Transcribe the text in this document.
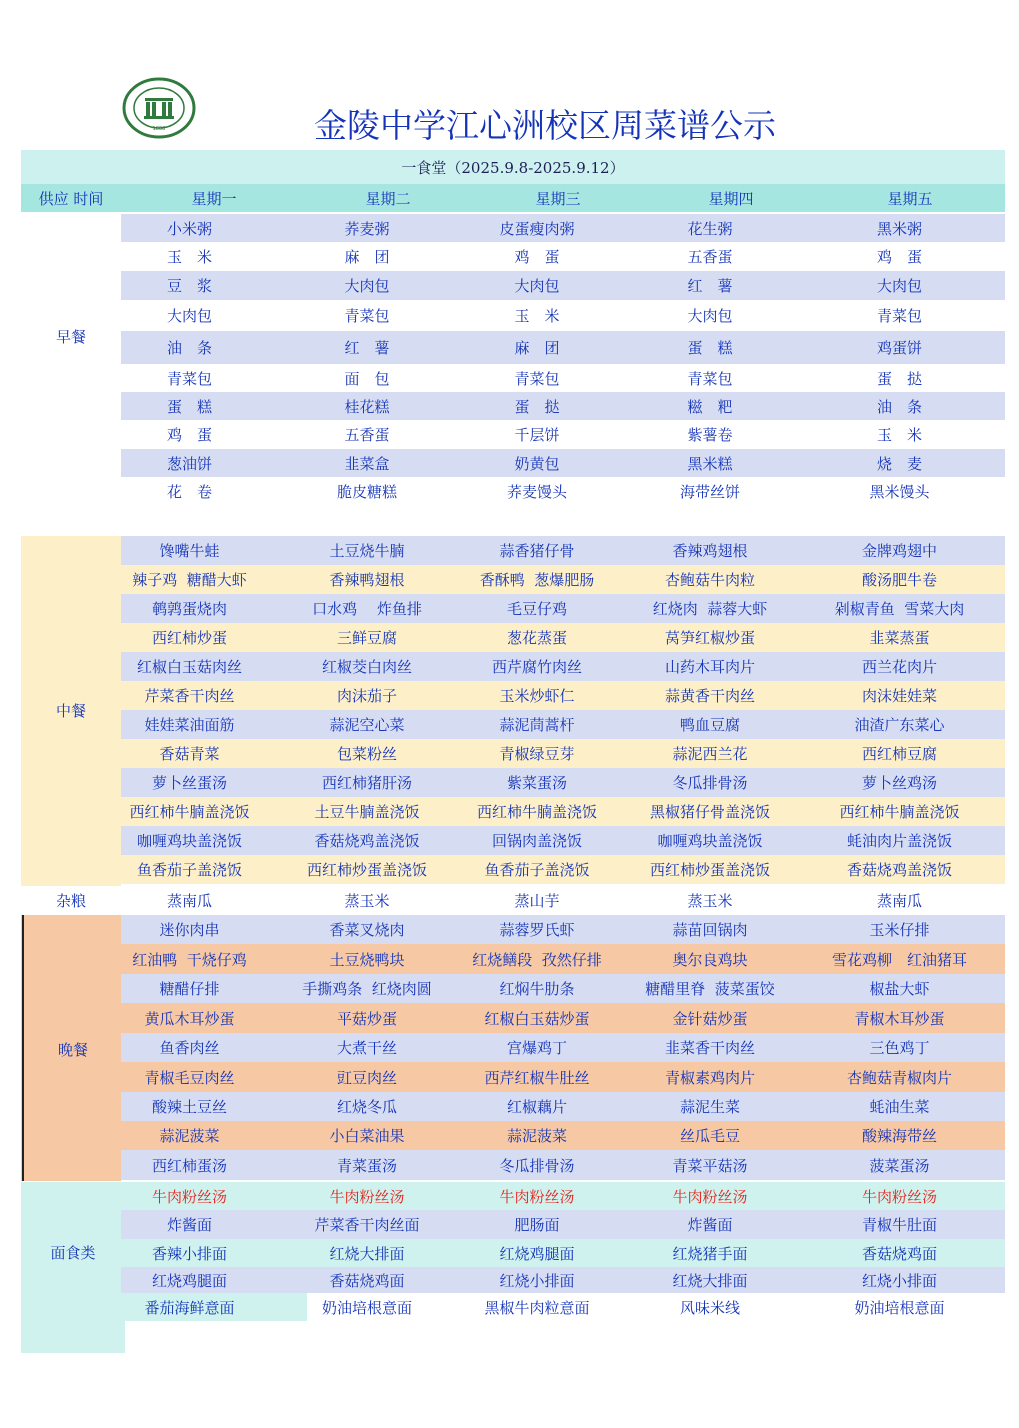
1888	金陵中学江心洲校区周菜谱公示
一食堂（2025.9.8-2025.9.12）
供应 时间	星期一	星期二	星期三	星期四	星期五
早餐
小米粥	荞麦粥	皮蛋瘦肉粥	花生粥	黑米粥
玉　米	麻　团	鸡　蛋	五香蛋	鸡　蛋
豆　浆	大肉包	大肉包	红　薯	大肉包
大肉包	青菜包	玉　米	大肉包	青菜包
油　条	红　薯	麻　团	蛋　糕	鸡蛋饼
青菜包	面　包	青菜包	青菜包	蛋　挞
蛋　糕	桂花糕	蛋　挞	糍　粑	油　条
鸡　蛋	五香蛋	千层饼	紫薯卷	玉　米
葱油饼	韭菜盒	奶黄包	黑米糕	烧　麦
花　卷	脆皮糖糕	荞麦馒头	海带丝饼	黑米馒头
中餐
馋嘴牛蛙	土豆烧牛腩	蒜香猪仔骨	香辣鸡翅根	金牌鸡翅中
辣子鸡  糖醋大虾	香辣鸭翅根	香酥鸭  葱爆肥肠	杏鲍菇牛肉粒	酸汤肥牛卷
鹌鹑蛋烧肉	口水鸡　 炸鱼排	毛豆仔鸡	红烧肉  蒜蓉大虾	剁椒青鱼  雪菜大肉
西红柿炒蛋	三鲜豆腐	葱花蒸蛋	莴笋红椒炒蛋	韭菜蒸蛋
红椒白玉菇肉丝	红椒茭白肉丝	西芹腐竹肉丝	山药木耳肉片	西兰花肉片
芹菜香干肉丝	肉沫茄子	玉米炒虾仁	蒜黄香干肉丝	肉沫娃娃菜
娃娃菜油面筋	蒜泥空心菜	蒜泥茼蒿杆	鸭血豆腐	油渣广东菜心
香菇青菜	包菜粉丝	青椒绿豆芽	蒜泥西兰花	西红柿豆腐
萝卜丝蛋汤	西红柿猪肝汤	紫菜蛋汤	冬瓜排骨汤	萝卜丝鸡汤
西红柿牛腩盖浇饭	土豆牛腩盖浇饭	西红柿牛腩盖浇饭	黑椒猪仔骨盖浇饭	西红柿牛腩盖浇饭
咖喱鸡块盖浇饭	香菇烧鸡盖浇饭	回锅肉盖浇饭	咖喱鸡块盖浇饭	蚝油肉片盖浇饭
鱼香茄子盖浇饭	西红柿炒蛋盖浇饭	鱼香茄子盖浇饭	西红柿炒蛋盖浇饭	香菇烧鸡盖浇饭
杂粮	蒸南瓜	蒸玉米	蒸山芋	蒸玉米	蒸南瓜
晚餐
迷你肉串	香菜叉烧肉	蒜蓉罗氏虾	蒜苗回锅肉	玉米仔排
红油鸭  干烧仔鸡	土豆烧鸭块	红烧鳝段  孜然仔排	奥尔良鸡块	雪花鸡柳　红油猪耳
糖醋仔排	手撕鸡条  红烧肉圆	红焖牛肋条	糖醋里脊  菠菜蛋饺	椒盐大虾
黄瓜木耳炒蛋	平菇炒蛋	红椒白玉菇炒蛋	金针菇炒蛋	青椒木耳炒蛋
鱼香肉丝	大煮干丝	宫爆鸡丁	韭菜香干肉丝	三色鸡丁
青椒毛豆肉丝	豇豆肉丝	西芹红椒牛肚丝	青椒素鸡肉片	杏鲍菇青椒肉片
酸辣土豆丝	红烧冬瓜	红椒藕片	蒜泥生菜	蚝油生菜
蒜泥菠菜	小白菜油果	蒜泥菠菜	丝瓜毛豆	酸辣海带丝
西红柿蛋汤	青菜蛋汤	冬瓜排骨汤	青菜平菇汤	菠菜蛋汤
面食类
牛肉粉丝汤	牛肉粉丝汤	牛肉粉丝汤	牛肉粉丝汤	牛肉粉丝汤
炸酱面	芹菜香干肉丝面	肥肠面	炸酱面	青椒牛肚面
香辣小排面	红烧大排面	红烧鸡腿面	红烧猪手面	香菇烧鸡面
红烧鸡腿面	香菇烧鸡面	红烧小排面	红烧大排面	红烧小排面
番茄海鲜意面	奶油培根意面	黑椒牛肉粒意面	风味米线	奶油培根意面
